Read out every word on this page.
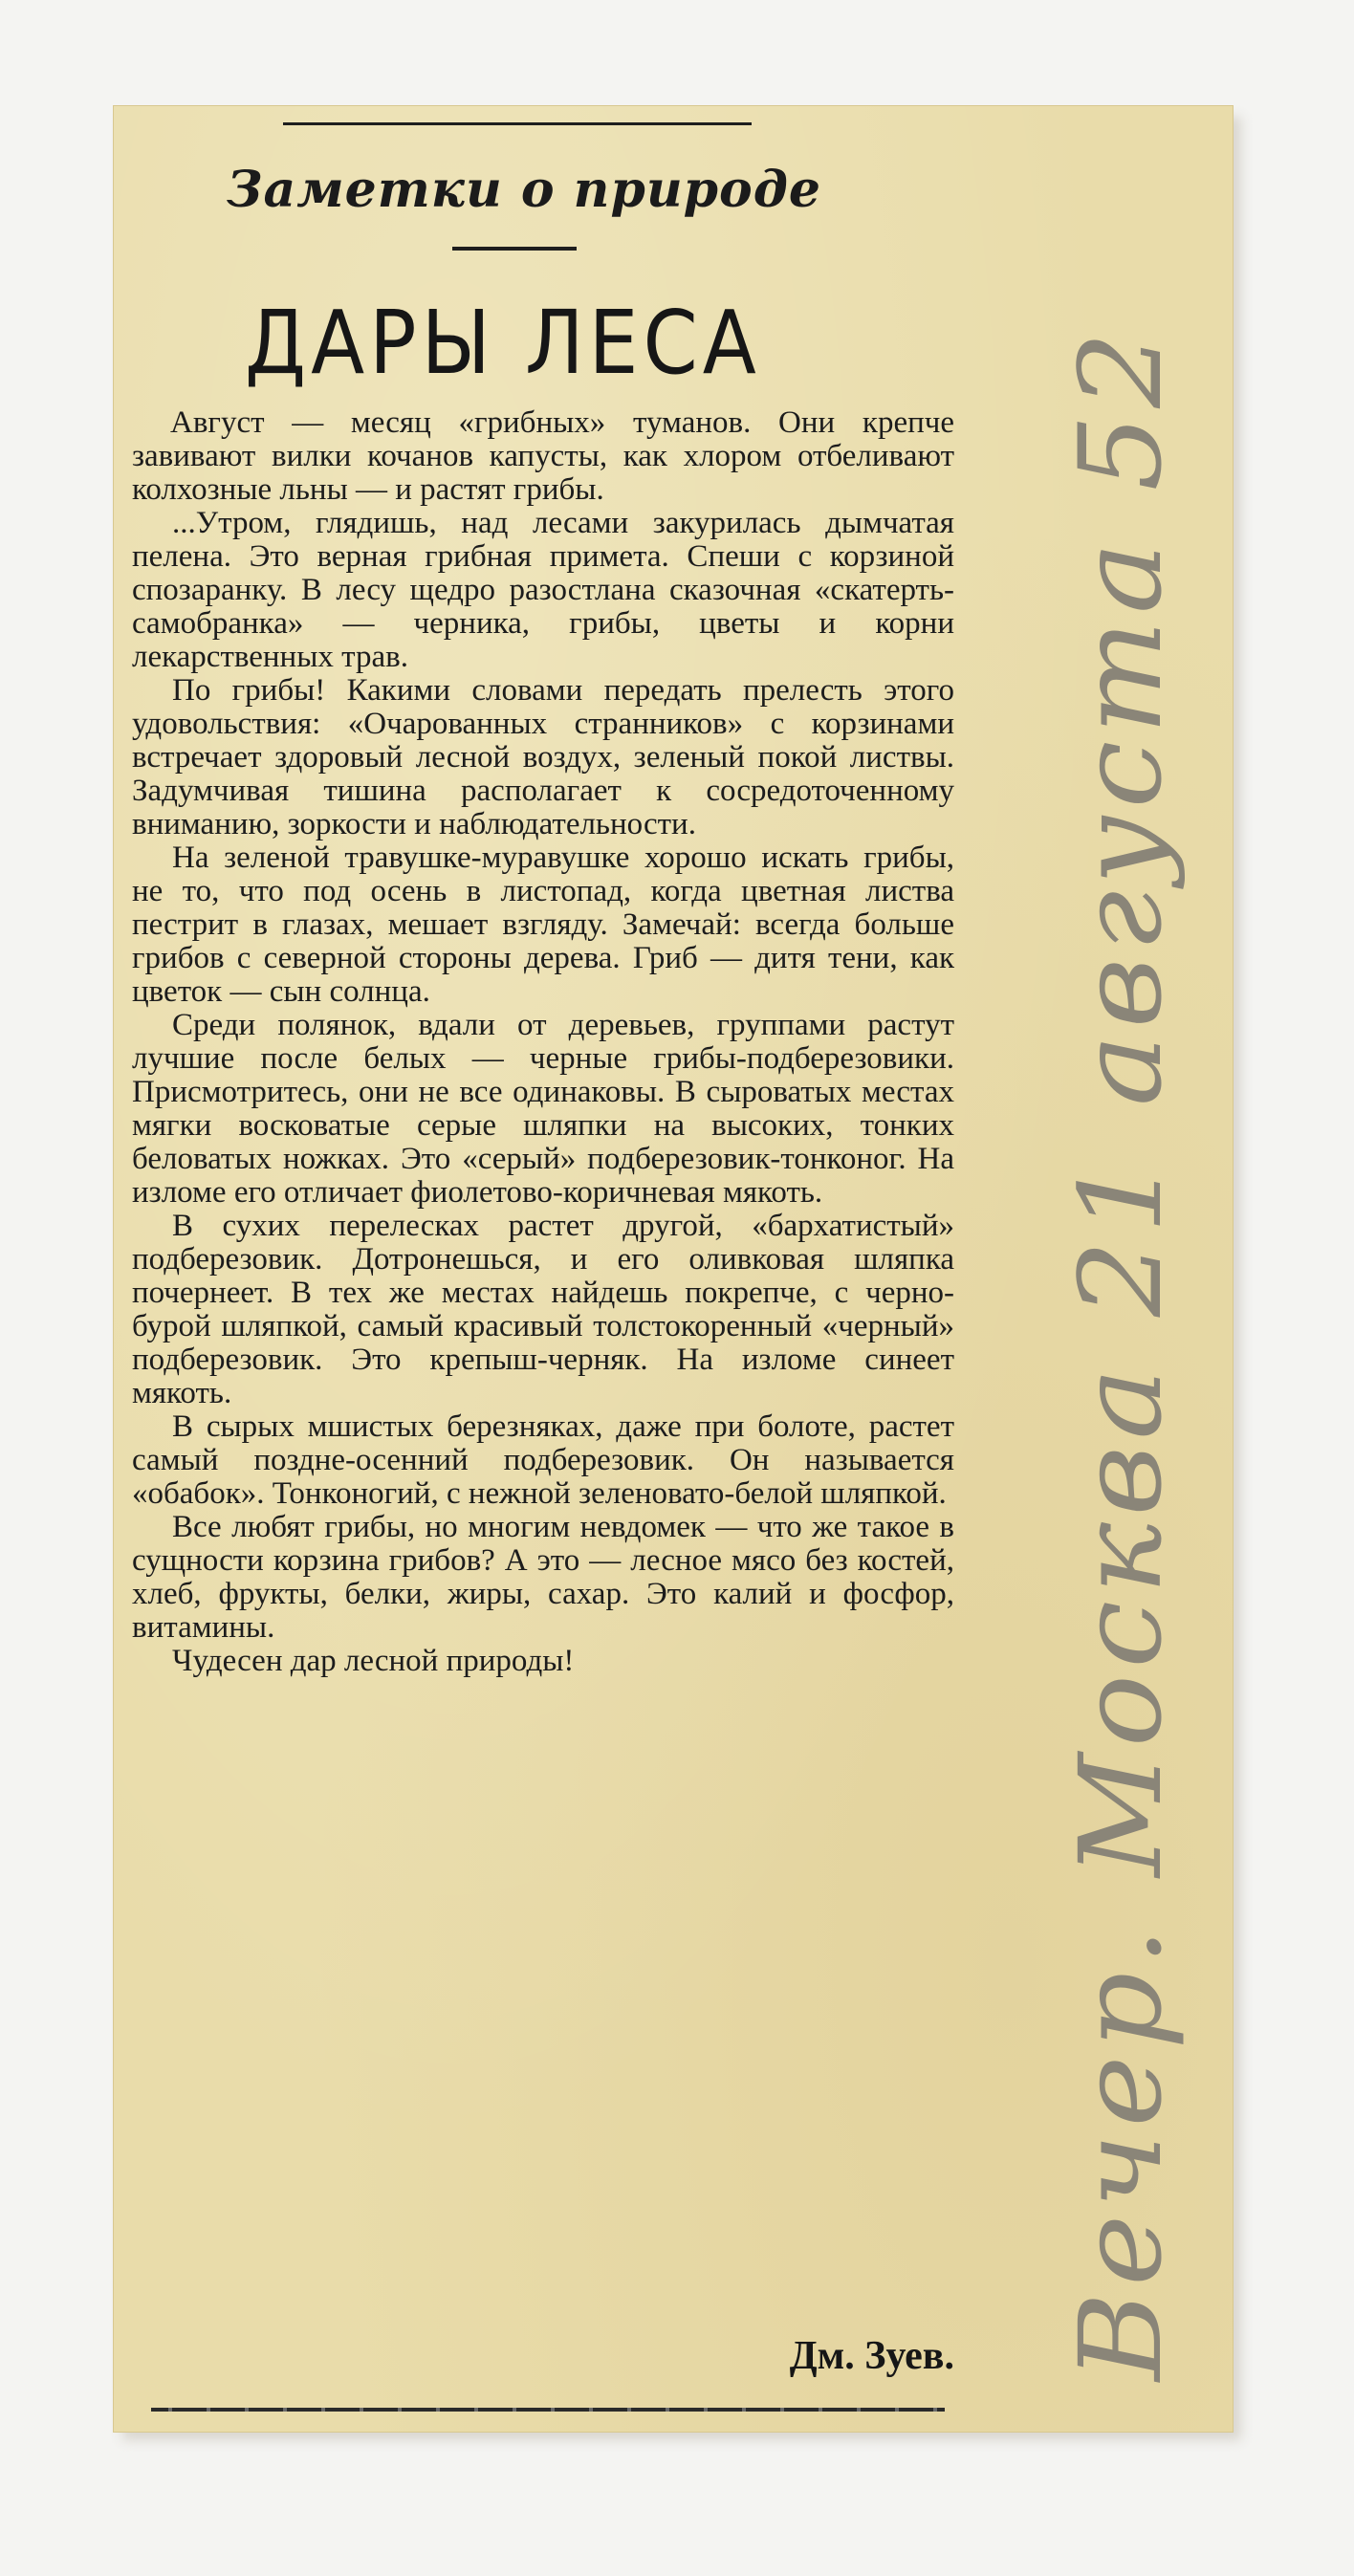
Заметки о природе
ДАРЫ ЛЕСА

Август — месяц «грибных» туманов. Они крепче завивают вилки кочанов капусты, как хлором отбеливают колхозные льны — и растят грибы.

...Утром, глядишь, над лесами закурилась дымчатая пелена. Это верная грибная примета. Спеши с корзиной спозаранку. В лесу щедро разостлана сказочная «скатерть-самобранка» — черника, грибы, цветы и корни лекарственных трав.

По грибы! Какими словами передать прелесть этого удовольствия: «Очарованных странников» с корзинами встречает здоровый лесной воздух, зеленый покой листвы. Задумчивая тишина располагает к сосредоточенному вниманию, зоркости и наблюдательности.

На зеленой травушке-муравушке хорошо искать грибы, не то, что под осень в листопад, когда цветная листва пестрит в глазах, мешает взгляду. Замечай: всегда больше грибов с северной стороны дерева. Гриб — дитя тени, как цветок — сын солнца.

Среди полянок, вдали от деревьев, группами растут лучшие после белых — черные грибы-подберезовики. Присмотритесь, они не все одинаковы. В сыроватых местах мягки восковатые серые шляпки на высоких, тонких беловатых ножках. Это «серый» подберезовик-тонконог. На изломе его отличает фиолетово-коричневая мякоть.

В сухих перелесках растет другой, «бархатистый» подберезовик. Дотронешься, и его оливковая шляпка почернеет. В тех же местах найдешь покрепче, с черно-бурой шляпкой, самый красивый толстокоренный «черный» подберезовик. Это крепыш-черняк. На изломе синеет мякоть.

В сырых мшистых березняках, даже при болоте, растет самый поздне-осенний подберезовик. Он называется «обабок». Тонконогий, с нежной зеленовато-белой шляпкой.

Все любят грибы, но многим невдомек — что же такое в сущности корзина грибов? А это — лесное мясо без костей, хлеб, фрукты, белки, жиры, сахар. Это калий и фосфор, витамины.

Чудесен дар лесной природы!

Дм. Зуев. Вечер. Москва 21 августа 52
